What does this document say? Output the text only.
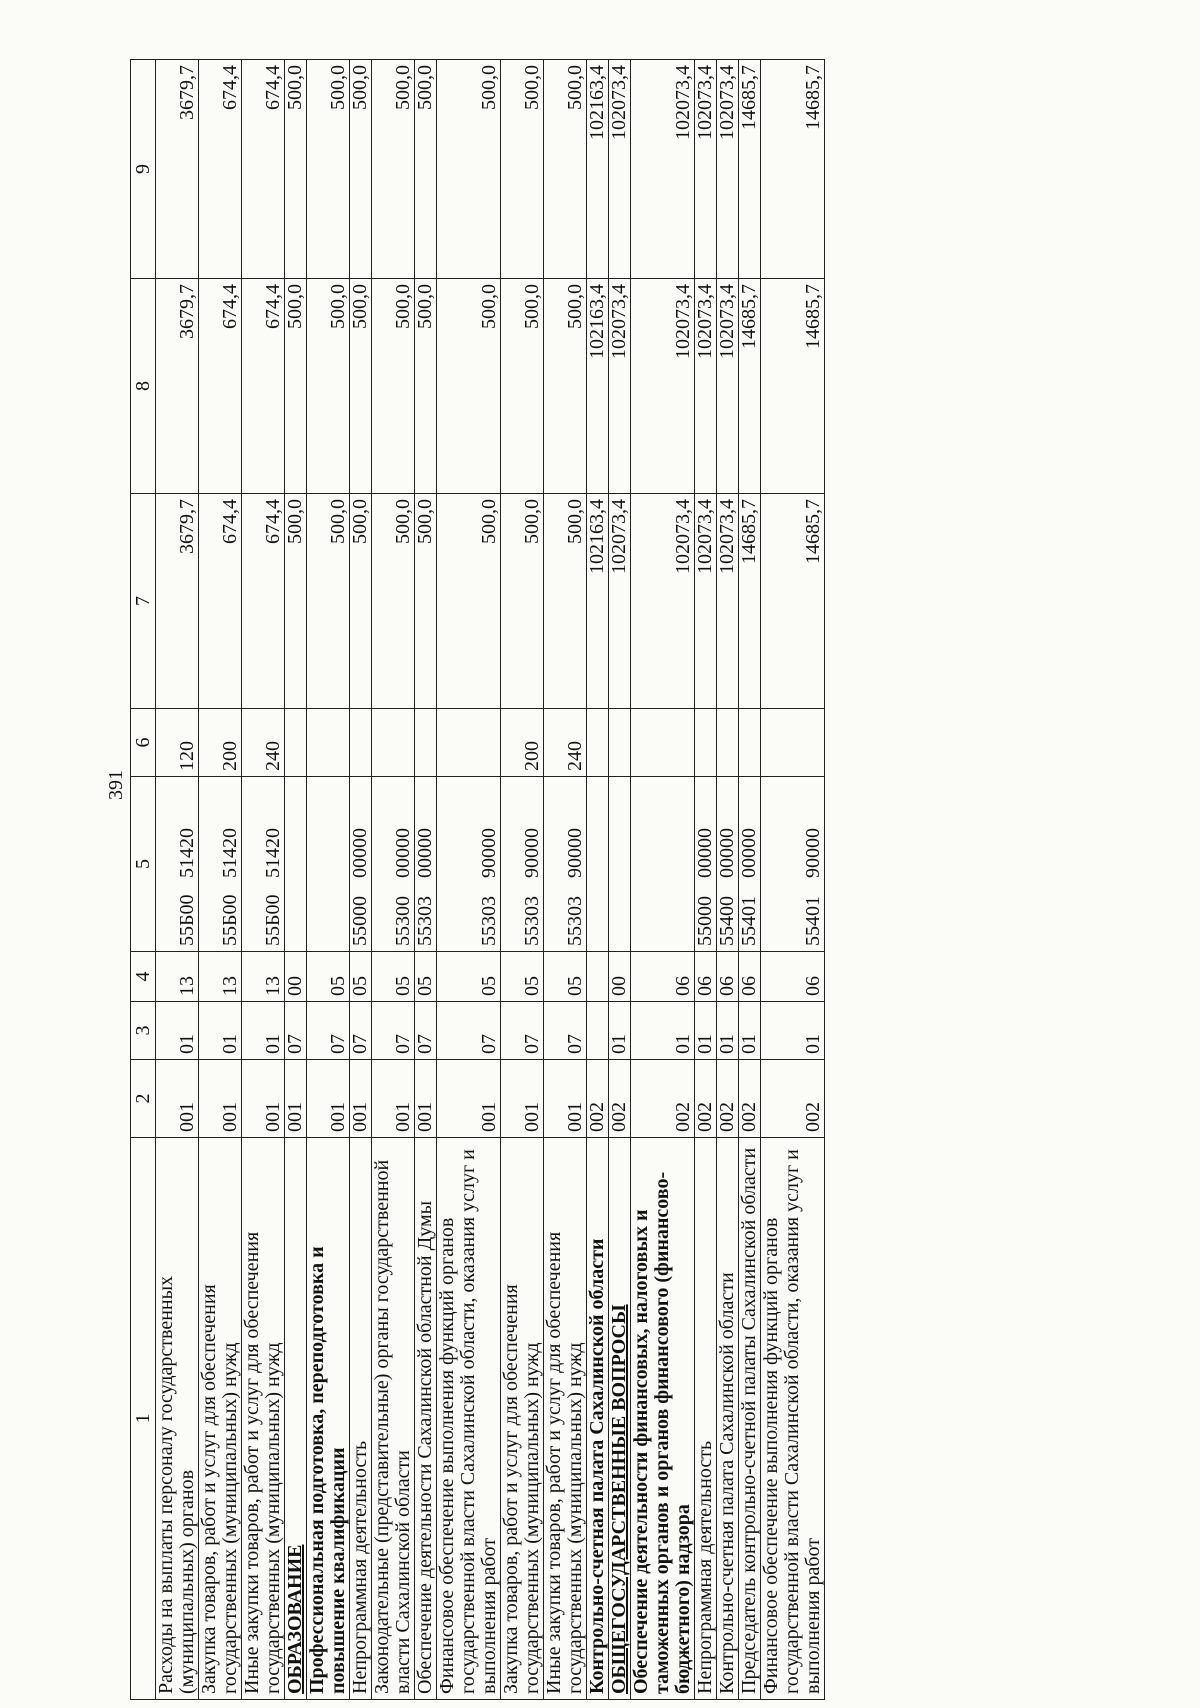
391
1	2	3	4	5	6	7	8	9
Расходы на выплаты персоналу государственных (муниципальных) органов	001	01	13	55Б0051420	120	3679,7	3679,7	3679,7
Закупка товаров, работ и услуг для обеспечения государственных (муниципальных) нужд	001	01	13	55Б0051420	200	674,4	674,4	674,4
Иные закупки товаров, работ и услуг для обеспечения государственных (муниципальных) нужд	001	01	13	55Б0051420	240	674,4	674,4	674,4
ОБРАЗОВАНИЕ	001	07	00			500,0	500,0	500,0
Профессиональная подготовка, переподготовка и повышение квалификации	001	07	05			500,0	500,0	500,0
Непрограммная деятельность	001	07	05	5500000000		500,0	500,0	500,0
Законодательные (представительные) органы государственной власти Сахалинской области	001	07	05	5530000000		500,0	500,0	500,0
Обеспечение деятельности Сахалинской областной Думы	001	07	05	5530300000		500,0	500,0	500,0
Финансовое обеспечение выполнения функций органов государственной власти Сахалинской области, оказания услуг и выполнения работ	001	07	05	5530390000		500,0	500,0	500,0
Закупка товаров, работ и услуг для обеспечения государственных (муниципальных) нужд	001	07	05	5530390000	200	500,0	500,0	500,0
Иные закупки товаров, работ и услуг для обеспечения государственных (муниципальных) нужд	001	07	05	5530390000	240	500,0	500,0	500,0
Контрольно-счетная палата Сахалинской области	002					102163,4	102163,4	102163,4
ОБЩЕГОСУДАРСТВЕННЫЕ ВОПРОСЫ	002	01	00			102073,4	102073,4	102073,4
Обеспечение деятельности финансовых, налоговых и таможенных органов и органов финансового (финансово-бюджетного) надзора	002	01	06			102073,4	102073,4	102073,4
Непрограммная деятельность	002	01	06	5500000000		102073,4	102073,4	102073,4
Контрольно-счетная палата Сахалинской области	002	01	06	5540000000		102073,4	102073,4	102073,4
Председатель контрольно-счетной палаты Сахалинской области	002	01	06	5540100000		14685,7	14685,7	14685,7
Финансовое обеспечение выполнения функций органов государственной власти Сахалинской области, оказания услуг и выполнения работ	002	01	06	5540190000		14685,7	14685,7	14685,7
